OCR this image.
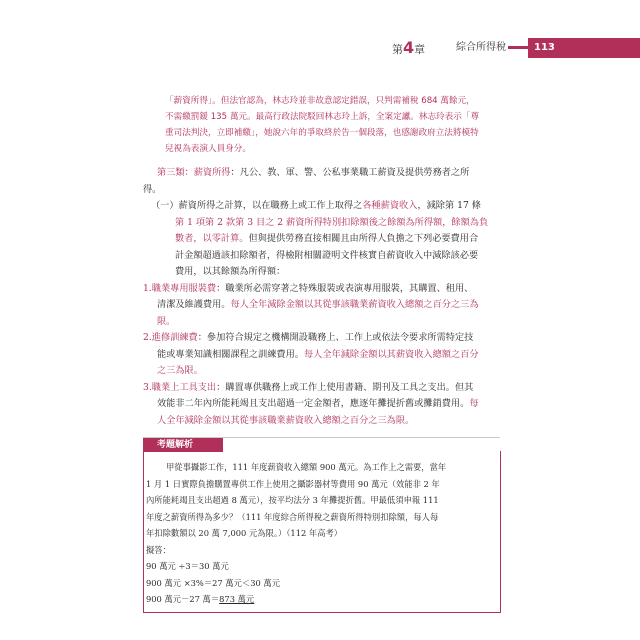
第4章	綜合所得稅	113

「薪資所得」。但法官認為，林志玲並非故意認定錯誤，只判需補稅 684 萬餘元，

不需繳罰鍰 135 萬元。最高行政法院駁回林志玲上訴，全案定讞。林志玲表示「尊

重司法判決，立即補繳」，她說六年的爭取終於告一個段落，也感謝政府立法將模特

兒視為表演人員身分。

第三類：薪資所得：凡公、教、軍、警、公私事業職工薪資及提供勞務者之所

得。

（一）薪資所得之計算，以在職務上或工作上取得之各種薪資收入，減除第 17 條

第 1 項第 2 款第 3 目之 2 薪資所得特別扣除額後之餘額為所得額，餘額為負

數者，以零計算。但與提供勞務直接相關且由所得人負擔之下列必要費用合

計金額超過該扣除額者，得檢附相關證明文件核實自薪資收入中減除該必要

費用，以其餘額為所得額：

1.職業專用服裝費：職業所必需穿著之特殊服裝或表演專用服裝，其購置、租用、

清潔及維護費用。每人全年減除金額以其從事該職業薪資收入總額之百分之三為

限。

2.進修訓練費：參加符合規定之機構開設職務上、工作上或依法令要求所需特定技

能或專業知識相關課程之訓練費用。每人全年減除金額以其薪資收入總額之百分

之三為限。

3.職業上工具支出：購置專供職務上或工作上使用書籍、期刊及工具之支出。但其

效能非二年內所能耗竭且支出超過一定金額者，應逐年攤提折舊或攤銷費用。每

人全年減除金額以其從事該職業薪資收入總額之百分之三為限。

考題解析

甲從事攝影工作，111 年度薪資收入總額 900 萬元。為工作上之需要，當年

1 月 1 日實際負擔購置專供工作上使用之攝影器材等費用 90 萬元（效能非 2 年

內所能耗竭且支出超過 8 萬元），按平均法分 3 年攤提折舊。甲最低須申報 111

年度之薪資所得為多少？（111 年度綜合所得稅之薪資所得特別扣除額，每人每

年扣除數額以 20 萬 7,000 元為限。）（112 年高考）

擬答：

90 萬元 ÷3＝30 萬元

900 萬元 ×3%＝27 萬元＜30 萬元

900 萬元－27 萬＝873 萬元
